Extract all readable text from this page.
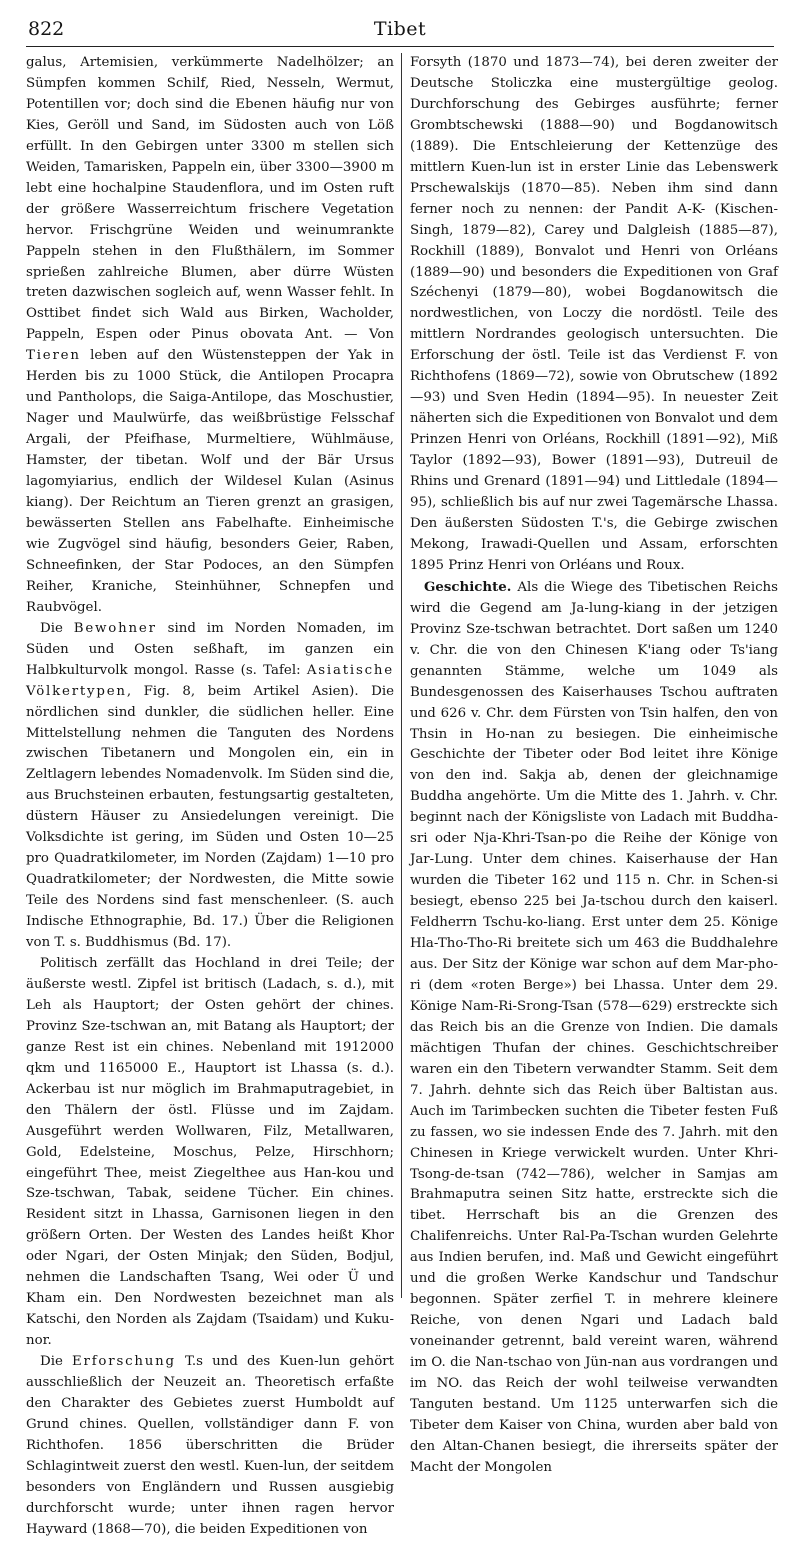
822	Tibet

galus, Artemisien, verkümmerte Nadelhölzer; an Sümpfen kommen Schilf, Ried, Nesseln, Wermut, Potentillen vor; doch sind die Ebenen häufig nur von Kies, Geröll und Sand, im Südosten auch von Löß erfüllt. In den Gebirgen unter 3300 m stellen sich Weiden, Tamarisken, Pappeln ein, über 3300—3900 m lebt eine hochalpine Staudenflora, und im Osten ruft der größere Wasserreichtum frischere Vegetation hervor. Frischgrüne Weiden und weinumrankte Pappeln stehen in den Flußthälern, im Sommer sprießen zahlreiche Blumen, aber dürre Wüsten treten dazwischen sogleich auf, wenn Wasser fehlt. In Osttibet findet sich Wald aus Birken, Wacholder, Pappeln, Espen oder Pinus obovata Ant. — Von Tieren leben auf den Wüstensteppen der Yak in Herden bis zu 1000 Stück, die Antilopen Procapra und Pantholops, die Saiga-Antilope, das Moschustier, Nager und Maulwürfe, das weißbrüstige Felsschaf Argali, der Pfeifhase, Murmeltiere, Wühlmäuse, Hamster, der tibetan. Wolf und der Bär Ursus lagomyiarius, endlich der Wildesel Kulan (Asinus kiang). Der Reichtum an Tieren grenzt an grasigen, bewässerten Stellen ans Fabelhafte. Einheimische wie Zugvögel sind häufig, besonders Geier, Raben, Schneefinken, der Star Podoces, an den Sümpfen Reiher, Kraniche, Steinhühner, Schnepfen und Raubvögel.

Die Bewohner sind im Norden Nomaden, im Süden und Osten seßhaft, im ganzen ein Halbkulturvolk mongol. Rasse (s. Tafel: Asiatische Völkertypen, Fig. 8, beim Artikel Asien). Die nördlichen sind dunkler, die südlichen heller. Eine Mittelstellung nehmen die Tanguten des Nordens zwischen Tibetanern und Mongolen ein, ein in Zeltlagern lebendes Nomadenvolk. Im Süden sind die, aus Bruchsteinen erbauten, festungsartig gestalteten, düstern Häuser zu Ansiedelungen vereinigt. Die Volksdichte ist gering, im Süden und Osten 10—25 pro Quadratkilometer, im Norden (Zajdam) 1—10 pro Quadratkilometer; der Nordwesten, die Mitte sowie Teile des Nordens sind fast menschenleer. (S. auch Indische Ethnographie, Bd. 17.) Über die Religionen von T. s. Buddhismus (Bd. 17).

Politisch zerfällt das Hochland in drei Teile; der äußerste westl. Zipfel ist britisch (Ladach, s. d.), mit Leh als Hauptort; der Osten gehört der chines. Provinz Sze-tschwan an, mit Batang als Hauptort; der ganze Rest ist ein chines. Nebenland mit 1912000 qkm und 1165000 E., Hauptort ist Lhassa (s. d.). Ackerbau ist nur möglich im Brahmaputragebiet, in den Thälern der östl. Flüsse und im Zajdam. Ausgeführt werden Wollwaren, Filz, Metallwaren, Gold, Edelsteine, Moschus, Pelze, Hirschhorn; eingeführt Thee, meist Ziegelthee aus Han-kou und Sze-tschwan, Tabak, seidene Tücher. Ein chines. Resident sitzt in Lhassa, Garnisonen liegen in den größern Orten. Der Westen des Landes heißt Khor oder Ngari, der Osten Minjak; den Süden, Bodjul, nehmen die Landschaften Tsang, Wei oder Ü und Kham ein. Den Nordwesten bezeichnet man als Katschi, den Norden als Zajdam (Tsaidam) und Kuku-nor.

Die Erforschung T.s und des Kuen-lun gehört ausschließlich der Neuzeit an. Theoretisch erfaßte den Charakter des Gebietes zuerst Humboldt auf Grund chines. Quellen, vollständiger dann F. von Richthofen. 1856 überschritten die Brüder Schlagintweit zuerst den westl. Kuen-lun, der seitdem besonders von Engländern und Russen ausgiebig durchforscht wurde; unter ihnen ragen hervor Hayward (1868—70), die beiden Expeditionen von

Forsyth (1870 und 1873—74), bei deren zweiter der Deutsche Stoliczka eine mustergültige geolog. Durchforschung des Gebirges ausführte; ferner Grombtschewski (1888—90) und Bogdanowitsch (1889). Die Entschleierung der Kettenzüge des mittlern Kuen-lun ist in erster Linie das Lebenswerk Prschewalskijs (1870—85). Neben ihm sind dann ferner noch zu nennen: der Pandit A-K- (Kischen-Singh, 1879—82), Carey und Dalgleish (1885—87), Rockhill (1889), Bonvalot und Henri von Orléans (1889—90) und besonders die Expeditionen von Graf Széchenyi (1879—80), wobei Bogdanowitsch die nordwestlichen, von Loczy die nordöstl. Teile des mittlern Nordrandes geologisch untersuchten. Die Erforschung der östl. Teile ist das Verdienst F. von Richthofens (1869—72), sowie von Obrutschew (1892—93) und Sven Hedin (1894—95). In neuester Zeit näherten sich die Expeditionen von Bonvalot und dem Prinzen Henri von Orléans, Rockhill (1891—92), Miß Taylor (1892—93), Bower (1891—93), Dutreuil de Rhins und Grenard (1891—94) und Littledale (1894—95), schließlich bis auf nur zwei Tagemärsche Lhassa. Den äußersten Südosten T.'s, die Gebirge zwischen Mekong, Irawadi-Quellen und Assam, erforschten 1895 Prinz Henri von Orléans und Roux.

Geschichte. Als die Wiege des Tibetischen Reichs wird die Gegend am Ja-lung-kiang in der jetzigen Provinz Sze-tschwan betrachtet. Dort saßen um 1240 v. Chr. die von den Chinesen K'iang oder Ts'iang genannten Stämme, welche um 1049 als Bundesgenossen des Kaiserhauses Tschou auftraten und 626 v. Chr. dem Fürsten von Tsin halfen, den von Thsin in Ho-nan zu besiegen. Die einheimische Geschichte der Tibeter oder Bod leitet ihre Könige von den ind. Sakja ab, denen der gleichnamige Buddha angehörte. Um die Mitte des 1. Jahrh. v. Chr. beginnt nach der Königsliste von Ladach mit Buddha-sri oder Nja-Khri-Tsan-po die Reihe der Könige von Jar-Lung. Unter dem chines. Kaiserhause der Han wurden die Tibeter 162 und 115 n. Chr. in Schen-si besiegt, ebenso 225 bei Ja-tschou durch den kaiserl. Feldherrn Tschu-ko-liang. Erst unter dem 25. Könige Hla-Tho-Tho-Ri breitete sich um 463 die Buddhalehre aus. Der Sitz der Könige war schon auf dem Mar-pho-ri (dem «roten Berge») bei Lhassa. Unter dem 29. Könige Nam-Ri-Srong-Tsan (578—629) erstreckte sich das Reich bis an die Grenze von Indien. Die damals mächtigen Thufan der chines. Geschichtschreiber waren ein den Tibetern verwandter Stamm. Seit dem 7. Jahrh. dehnte sich das Reich über Baltistan aus. Auch im Tarimbecken suchten die Tibeter festen Fuß zu fassen, wo sie indessen Ende des 7. Jahrh. mit den Chinesen in Kriege verwickelt wurden. Unter Khri-Tsong-de-tsan (742—786), welcher in Samjas am Brahmaputra seinen Sitz hatte, erstreckte sich die tibet. Herrschaft bis an die Grenzen des Chalifenreichs. Unter Ral-Pa-Tschan wurden Gelehrte aus Indien berufen, ind. Maß und Gewicht eingeführt und die großen Werke Kandschur und Tandschur begonnen. Später zerfiel T. in mehrere kleinere Reiche, von denen Ngari und Ladach bald voneinander getrennt, bald vereint waren, während im O. die Nan-tschao von Jün-nan aus vordrangen und im NO. das Reich der wohl teilweise verwandten Tanguten bestand. Um 1125 unterwarfen sich die Tibeter dem Kaiser von China, wurden aber bald von den Altan-Chanen besiegt, die ihrerseits später der Macht der Mongolen
